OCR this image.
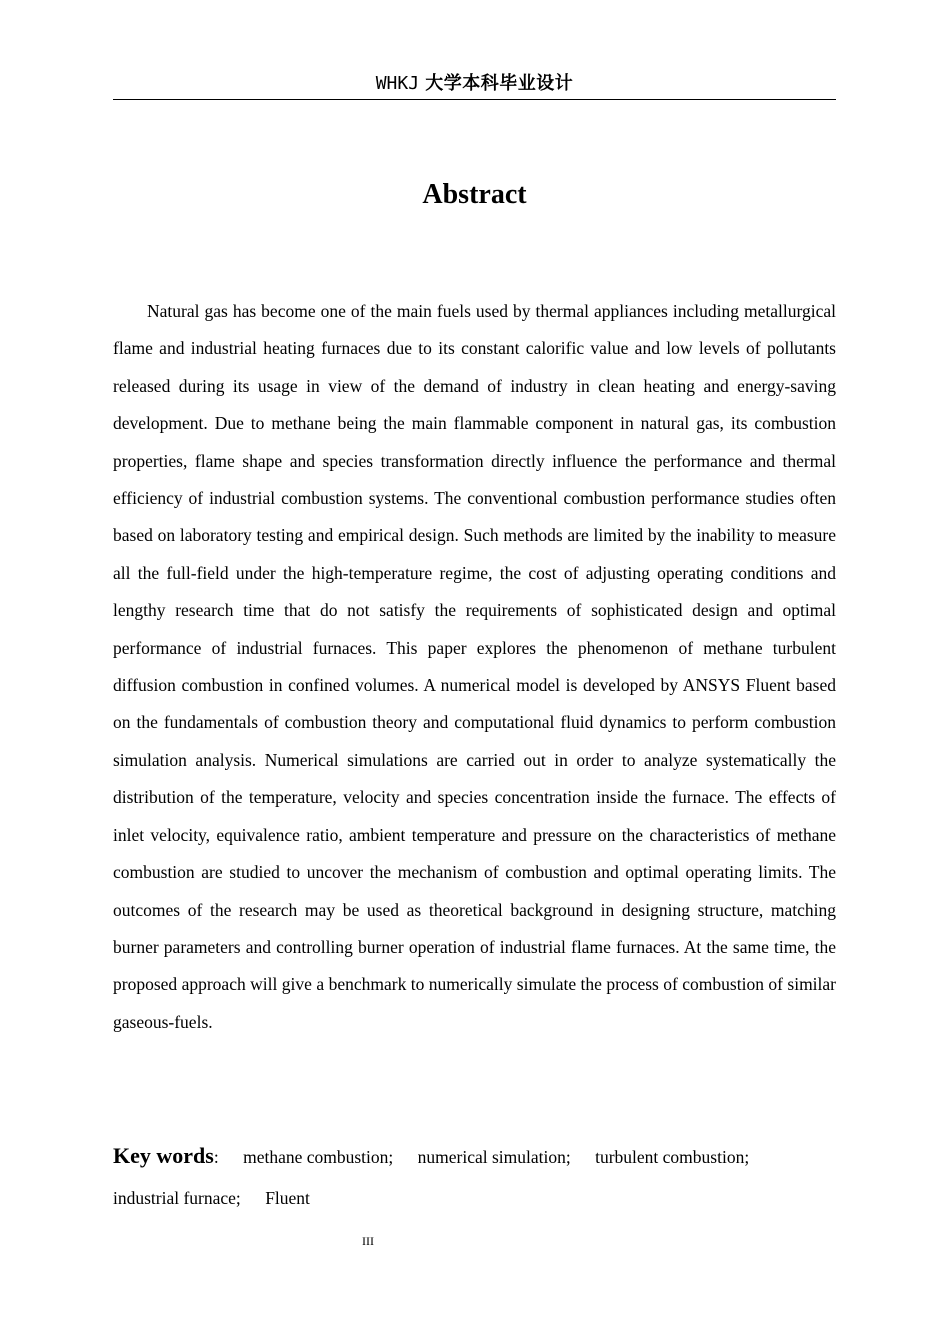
WHKJ 大学本科毕业设计
Abstract

Natural gas has become one of the main fuels used by thermal appliances including metallurgical flame and industrial heating furnaces due to its constant calorific value and low levels of pollutants released during its usage in view of the demand of industry in clean heating and energy-saving development. Due to methane being the main flammable component in natural gas, its combustion properties, flame shape and species transformation directly influence the performance and thermal efficiency of industrial combustion systems. The conventional combustion performance studies often based on laboratory testing and empirical design. Such methods are limited by the inability to measure all the full-field under the high-temperature regime, the cost of adjusting operating conditions and lengthy research time that do not satisfy the requirements of sophisticated design and optimal performance of industrial furnaces. This paper explores the phenomenon of methane turbulent diffusion combustion in confined volumes. A numerical model is developed by ANSYS Fluent based on the fundamentals of combustion theory and computational fluid dynamics to perform combustion simulation analysis. Numerical simulations are carried out in order to analyze systematically the distribution of the temperature, velocity and species concentration inside the furnace. The effects of inlet velocity, equivalence ratio, ambient temperature and pressure on the characteristics of methane combustion are studied to uncover the mechanism of combustion and optimal operating limits. The outcomes of the research may be used as theoretical background in designing structure, matching burner parameters and controlling burner operation of industrial flame furnaces. At the same time, the proposed approach will give a benchmark to numerically simulate the process of combustion of similar gaseous-fuels.

Key words: methane combustion; numerical simulation; turbulent combustion;
industrial furnace; Fluent
III
